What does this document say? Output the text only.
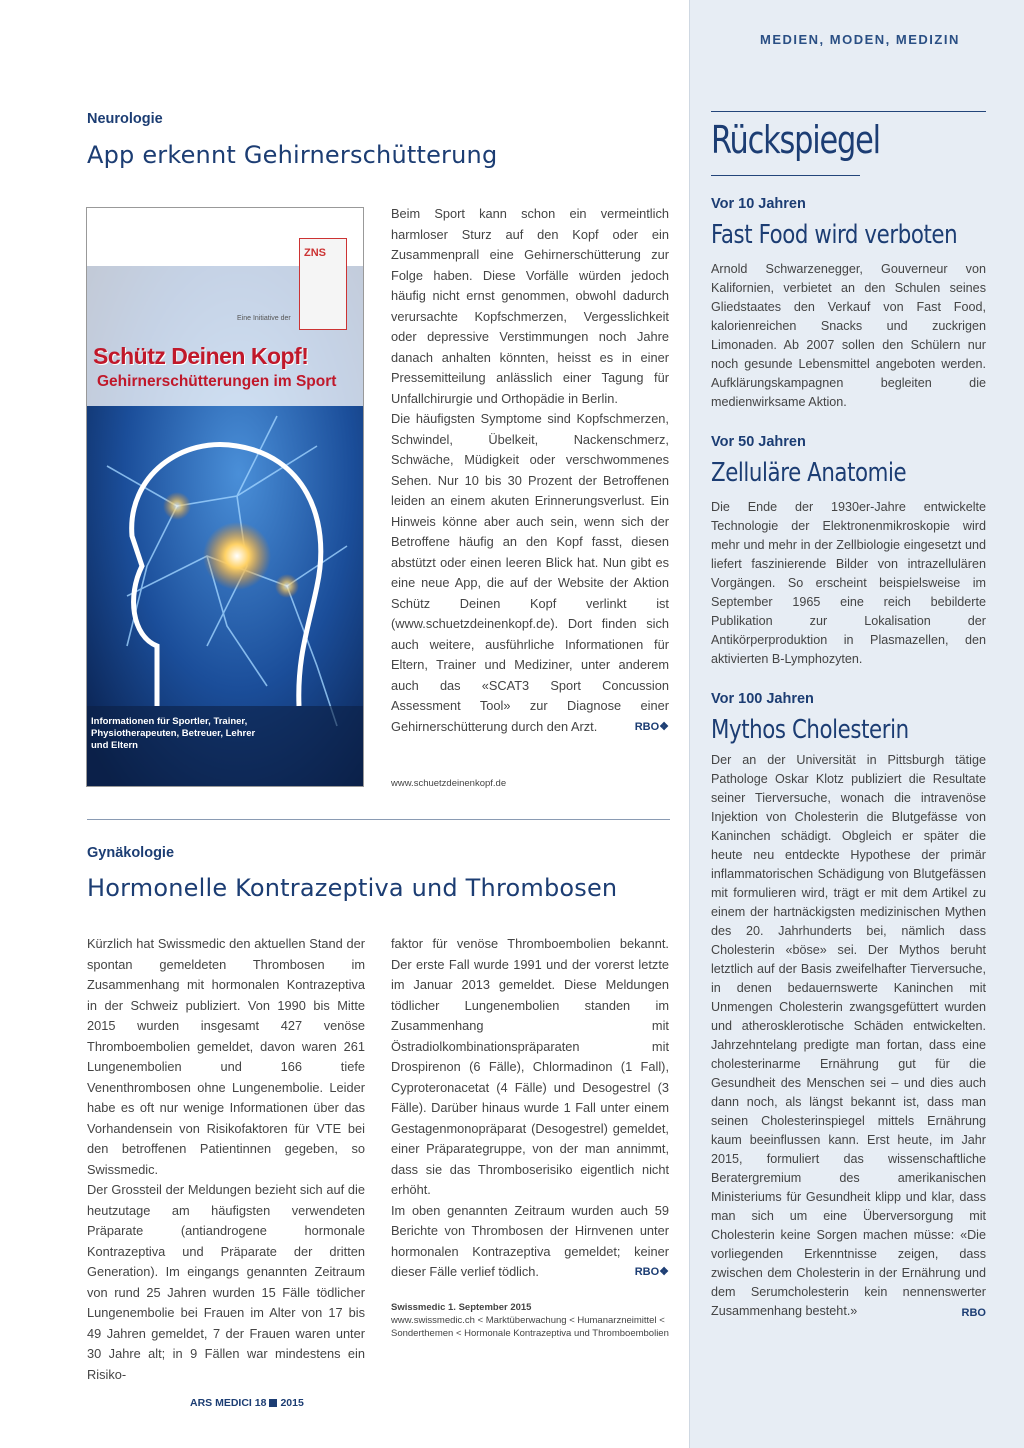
MEDIEN, MODEN, MEDIZIN
Rückspiegel
Vor 10 Jahren
Fast Food wird verboten
Arnold Schwarzenegger, Gouverneur von Kalifornien, verbietet an den Schulen seines Gliedstaates den Verkauf von Fast Food, kalorienreichen Snacks und zuckrigen Limonaden. Ab 2007 sollen den Schülern nur noch gesunde Lebensmittel angeboten werden. Aufklärungskampagnen begleiten die medienwirksame Aktion.
Vor 50 Jahren
Zelluläre Anatomie
Die Ende der 1930er-Jahre entwickelte Technologie der Elektronenmikroskopie wird mehr und mehr in der Zellbiologie eingesetzt und liefert faszinierende Bilder von intrazellulären Vorgängen. So erscheint beispielsweise im September 1965 eine reich bebilderte Publikation zur Lokalisation der Antikörperproduktion in Plasmazellen, den aktivierten B-Lymphozyten.
Vor 100 Jahren
Mythos Cholesterin
Der an der Universität in Pittsburgh tätige Pathologe Oskar Klotz publiziert die Resultate seiner Tierversuche, wonach die intravenöse Injektion von Cholesterin die Blutgefässe von Kaninchen schädigt. Obgleich er später die heute neu entdeckte Hypothese der primär inflammatorischen Schädigung von Blutgefässen mit formulieren wird, trägt er mit dem Artikel zu einem der hartnäckigsten medizinischen Mythen des 20. Jahrhunderts bei, nämlich dass Cholesterin «böse» sei. Der Mythos beruht letztlich auf der Basis zweifelhafter Tierversuche, in denen bedauernswerte Kaninchen mit Unmengen Cholesterin zwangsgefüttert wurden und atherosklerotische Schäden entwickelten. Jahrzehntelang predigte man fortan, dass eine cholesterinarme Ernährung gut für die Gesundheit des Menschen sei – und dies auch dann noch, als längst bekannt ist, dass man seinen Cholesterinspiegel mittels Ernährung kaum beeinflussen kann. Erst heute, im Jahr 2015, formuliert das wissenschaftliche Beratergremium des amerikanischen Ministeriums für Gesundheit klipp und klar, dass man sich um eine Überversorgung mit Cholesterin keine Sorgen machen müsse: «Die vorliegenden Erkenntnisse zeigen, dass zwischen dem Cholesterin in der Ernährung und dem Serumcholesterin kein nennenswerter Zusammenhang besteht.»	RBO
Neurologie
App erkennt Gehirnerschütterung
ZNS
Eine Initiative der
Schütz Deinen Kopf!
Gehirnerschütterungen im Sport
Informationen für Sportler, Trainer, Physiotherapeuten, Betreuer, Lehrer und Eltern

Beim Sport kann schon ein vermeintlich harmloser Sturz auf den Kopf oder ein Zusammenprall eine Gehirnerschütterung zur Folge haben. Diese Vorfälle würden jedoch häufig nicht ernst genommen, obwohl dadurch verursachte Kopfschmerzen, Vergesslichkeit oder depressive Verstimmungen noch Jahre danach anhalten könnten, heisst es in einer Pressemitteilung anlässlich einer Tagung für Unfallchirurgie und Orthopädie in Berlin.

Die häufigsten Symptome sind Kopfschmerzen, Schwindel, Übelkeit, Nackenschmerz, Schwäche, Müdigkeit oder verschwommenes Sehen. Nur 10 bis 30 Prozent der Betroffenen leiden an einem akuten Erinnerungsverlust. Ein Hinweis könne aber auch sein, wenn sich der Betroffene häufig an den Kopf fasst, diesen abstützt oder einen leeren Blick hat. Nun gibt es eine neue App, die auf der Website der Aktion Schütz Deinen Kopf verlinkt ist (www.schuetzdeinenkopf.de). Dort finden sich auch weitere, ausführliche Informationen für Eltern, Trainer und Mediziner, unter anderem auch das «SCAT3 Sport Concussion Assessment Tool» zur Diagnose einer Gehirnerschütterung durch den Arzt.	RBO❖

www.schuetzdeinenkopf.de
Gynäkologie
Hormonelle Kontrazeptiva und Thrombosen

Kürzlich hat Swissmedic den aktuellen Stand der spontan gemeldeten Thrombosen im Zusammenhang mit hormonalen Kontrazeptiva in der Schweiz publiziert. Von 1990 bis Mitte 2015 wurden insgesamt 427 venöse Thromboembolien gemeldet, davon waren 261 Lungenembolien und 166 tiefe Venenthrombosen ohne Lungenembolie. Leider habe es oft nur wenige Informationen über das Vorhandensein von Risikofaktoren für VTE bei den betroffenen Patientinnen gegeben, so Swissmedic.

Der Grossteil der Meldungen bezieht sich auf die heutzutage am häufigsten verwendeten Präparate (antiandrogene hormonale Kontrazeptiva und Präparate der dritten Generation). Im eingangs genannten Zeitraum von rund 25 Jahren wurden 15 Fälle tödlicher Lungenembolie bei Frauen im Alter von 17 bis 49 Jahren gemeldet, 7 der Frauen waren unter 30 Jahre alt; in 9 Fällen war mindestens ein Risiko-

faktor für venöse Thromboembolien bekannt. Der erste Fall wurde 1991 und der vorerst letzte im Januar 2013 gemeldet. Diese Meldungen tödlicher Lungenembolien standen im Zusammenhang mit Östradiolkombinationspräparaten mit Drospirenon (6 Fälle), Chlormadinon (1 Fall), Cyproteronacetat (4 Fälle) und Desogestrel (3 Fälle). Darüber hinaus wurde 1 Fall unter einem Gestagenmonopräparat (Desogestrel) gemeldet, einer Präparategruppe, von der man annimmt, dass sie das Thromboserisiko eigentlich nicht erhöht.

Im oben genannten Zeitraum wurden auch 59 Berichte von Thrombosen der Hirnvenen unter hormonalen Kontrazeptiva gemeldet; keiner dieser Fälle verlief tödlich.	RBO❖

Swissmedic 1. September 2015
www.swissmedic.ch < Marktüberwachung < Humanarzneimittel < Sonderthemen < Hormonale Kontrazeptiva und Thromboembolien
ARS MEDICI 18 2015
